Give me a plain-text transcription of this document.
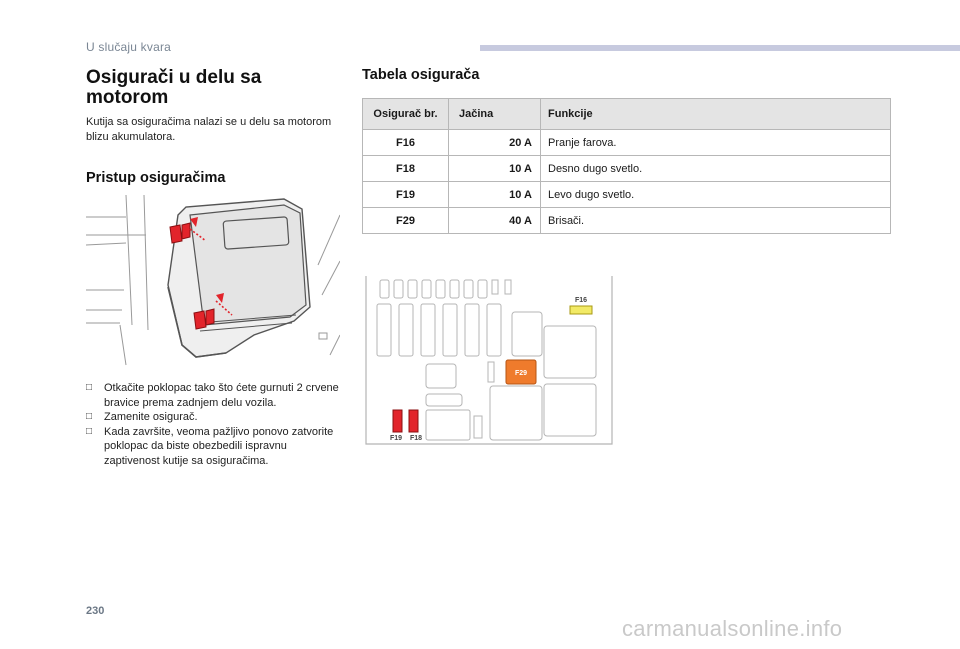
U slučaju kvara
Osigurači u delu sa motorom

Kutija sa osiguračima nalazi se u delu sa motorom blizu akumulatora.

Pristup osiguračima
□ Otkačite poklopac tako što ćete gurnuti 2 crvene bravice prema zadnjem delu vozila.
□ Zamenite osigurač.
□ Kada završite, veoma pažljivo ponovo zatvorite poklopac da biste obezbedili ispravnu zaptivenost kutije sa osiguračima.
Tabela osigurača
Osigurač br.	Jačina	Funkcije
F16	20 A	Pranje farova.
F18	10 A	Desno dugo svetlo.
F19	10 A	Levo dugo svetlo.
F29	40 A	Brisači.
F29
F16
F19 F18
230
carmanualsonline.info
